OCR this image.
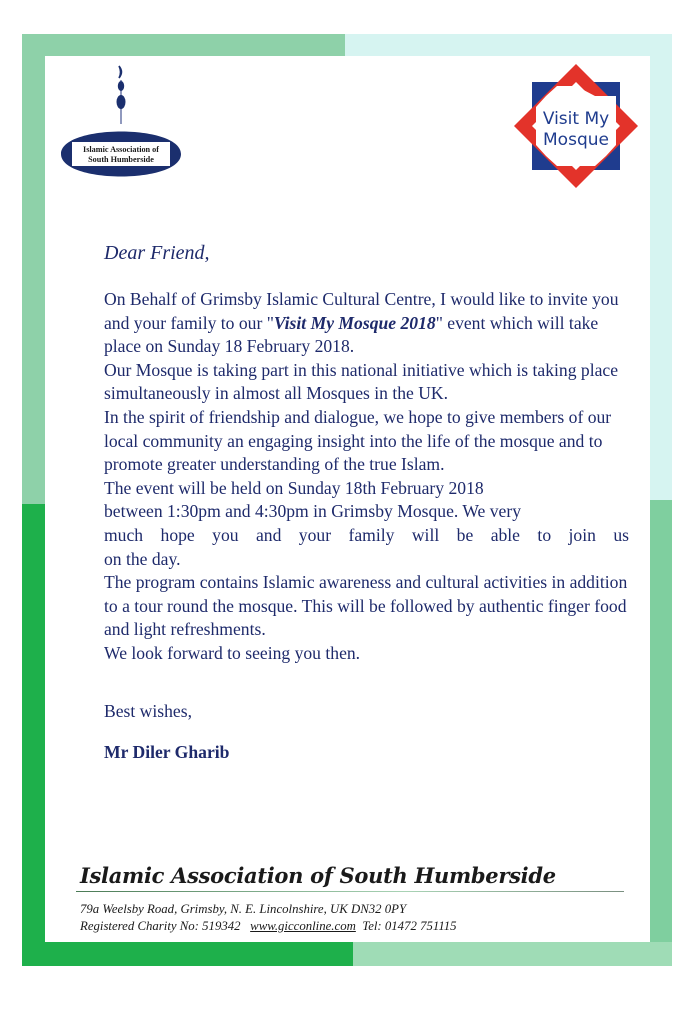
Islamic Association of
South Humberside
Visit My
Mosque
Dear Friend,

On Behalf of Grimsby Islamic Cultural Centre, I would like to invite you and your family to our "Visit My Mosque 2018" event which will take place on Sunday 18 February 2018.

Our Mosque is taking part in this national initiative which is taking place simultaneously in almost all Mosques in the UK.

In the spirit of friendship and dialogue, we hope to give members of our local community an engaging insight into the life of the mosque and to promote greater understanding of the true Islam.

The event will be held on Sunday 18th February 2018

between 1:30pm and 4:30pm in Grimsby Mosque. We very

much hope you and your family will be able to join us

on the day.

The program contains Islamic awareness and cultural activities in addition to a tour round the mosque. This will be followed by authentic finger food and light refreshments.

We look forward to seeing you then.

Best wishes,
Mr Diler Gharib
Islamic Association of South Humberside
79a Weelsby Road, Grimsby, N. E. Lincolnshire, UK DN32 0PY
Registered Charity No: 519342 www.gicconline.com Tel: 01472 751115
